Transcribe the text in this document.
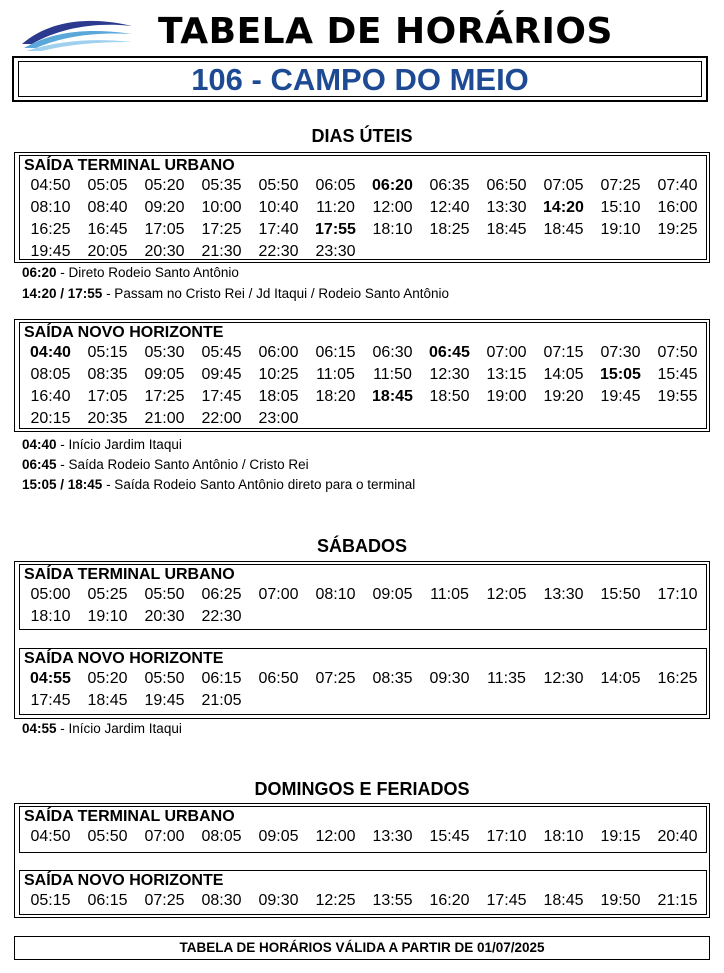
TABELA DE HORÁRIOS
106 - CAMPO DO MEIO
DIAS ÚTEIS
SAÍDA TERMINAL URBANO
04:50	05:05	05:20	05:35	05:50	06:05	06:20	06:35	06:50	07:05	07:25	07:40
08:10	08:40	09:20	10:00	10:40	11:20	12:00	12:40	13:30	14:20	15:10	16:00
16:25	16:45	17:05	17:25	17:40	17:55	18:10	18:25	18:45	18:45	19:10	19:25
19:45	20:05	20:30	21:30	22:30	23:30
06:20 - Direto Rodeio Santo Antônio
14:20 / 17:55 - Passam no Cristo Rei / Jd Itaqui / Rodeio Santo Antônio
SAÍDA NOVO HORIZONTE
04:40	05:15	05:30	05:45	06:00	06:15	06:30	06:45	07:00	07:15	07:30	07:50
08:05	08:35	09:05	09:45	10:25	11:05	11:50	12:30	13:15	14:05	15:05	15:45
16:40	17:05	17:25	17:45	18:05	18:20	18:45	18:50	19:00	19:20	19:45	19:55
20:15	20:35	21:00	22:00	23:00
04:40 - Início Jardim Itaqui
06:45 - Saída Rodeio Santo Antônio / Cristo Rei
15:05 / 18:45 - Saída Rodeio Santo Antônio direto para o terminal
SÁBADOS
SAÍDA TERMINAL URBANO
05:00	05:25	05:50	06:25	07:00	08:10	09:05	11:05	12:05	13:30	15:50	17:10
18:10	19:10	20:30	22:30
SAÍDA NOVO HORIZONTE
04:55	05:20	05:50	06:15	06:50	07:25	08:35	09:30	11:35	12:30	14:05	16:25
17:45	18:45	19:45	21:05
04:55 - Início Jardim Itaqui
DOMINGOS E FERIADOS
SAÍDA TERMINAL URBANO
04:50	05:50	07:00	08:05	09:05	12:00	13:30	15:45	17:10	18:10	19:15	20:40
SAÍDA NOVO HORIZONTE
05:15	06:15	07:25	08:30	09:30	12:25	13:55	16:20	17:45	18:45	19:50	21:15
TABELA DE HORÁRIOS VÁLIDA A PARTIR DE 01/07/2025
